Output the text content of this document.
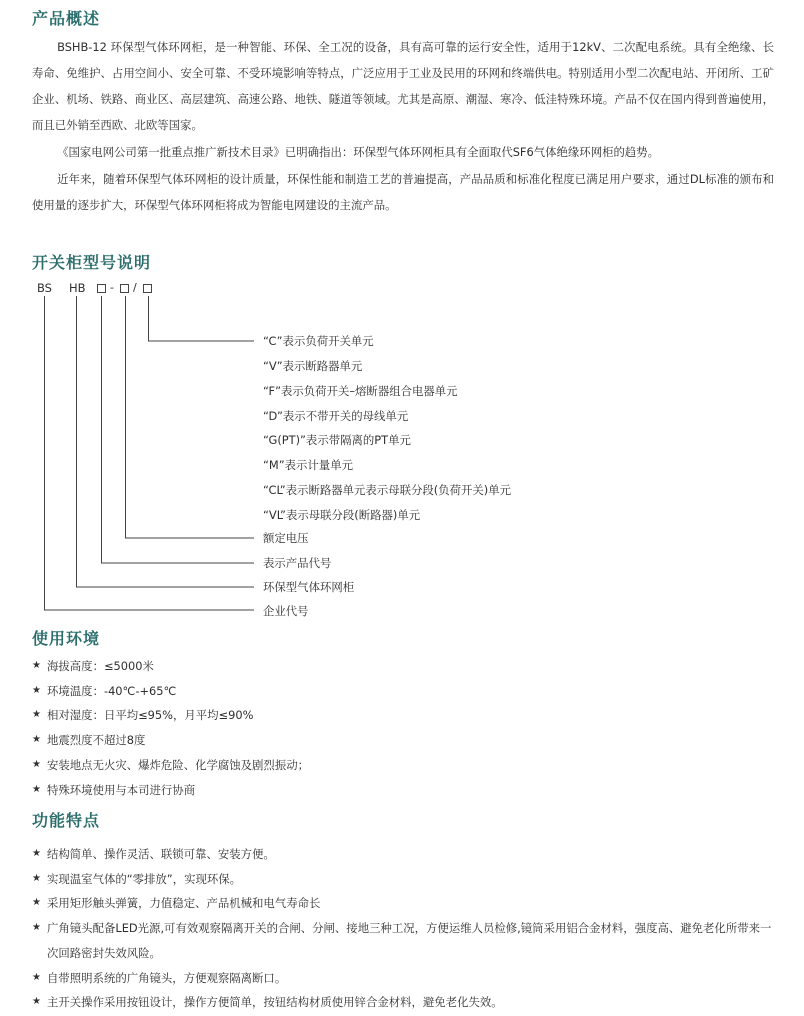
产品概述
BSHB-12 环保型气体环网柜，是一种智能、环保、全工况的设备，具有高可靠的运行安全性，适用于12kV、二次配电系统。具有全绝缘、长寿命、免维护、占用空间小、安全可靠、不受环境影响等特点，广泛应用于工业及民用的环网和终端供电。特别适用小型二次配电站、开闭所、工矿企业、机场、铁路、商业区、高层建筑、高速公路、地铁、隧道等领域。尤其是高原、潮湿、寒冷、低洼特殊环境。产品不仅在国内得到普遍使用，而且已外销至西欧、北欧等国家。
《国家电网公司第一批重点推广新技术目录》已明确指出：环保型气体环网柜具有全面取代SF6气体绝缘环网柜的趋势。
近年来，随着环保型气体环网柜的设计质量，环保性能和制造工艺的普遍提高，产品品质和标准化程度已满足用户要求，通过DL标准的颁布和使用量的逐步扩大，环保型气体环网柜将成为智能电网建设的主流产品。
开关柜型号说明
BS HB - /
“C”表示负荷开关单元
“V”表示断路器单元
“F”表示负荷开关–熔断器组合电器单元
“D”表示不带开关的母线单元
“G(PT)”表示带隔离的PT单元
“M”表示计量单元
“CL”表示断路器单元表示母联分段(负荷开关)单元
“VL”表示母联分段(断路器)单元
额定电压
表示产品代号
环保型气体环网柜
企业代号
使用环境
★ 海拔高度：≤5000米
★ 环境温度：-40℃-+65℃
★ 相对湿度：日平均≤95%，月平均≤90%
★ 地震烈度不超过8度
★ 安装地点无火灾、爆炸危险、化学腐蚀及剧烈振动；
★ 特殊环境使用与本司进行协商
功能特点
★ 结构简单、操作灵活、联锁可靠、安装方便。
★ 实现温室气体的“零排放”，实现环保。
★ 采用矩形触头弹簧，力值稳定、产品机械和电气寿命长
★ 广角镜头配备LED光源,可有效观察隔离开关的合闸、分闸、接地三种工况，方便运维人员检修,镜筒采用铝合金材料，强度高、避免老化所带来一次回路密封失效风险。
★ 自带照明系统的广角镜头，方便观察隔离断口。
★ 主开关操作采用按钮设计，操作方便简单，按钮结构材质使用锌合金材料，避免老化失效。
